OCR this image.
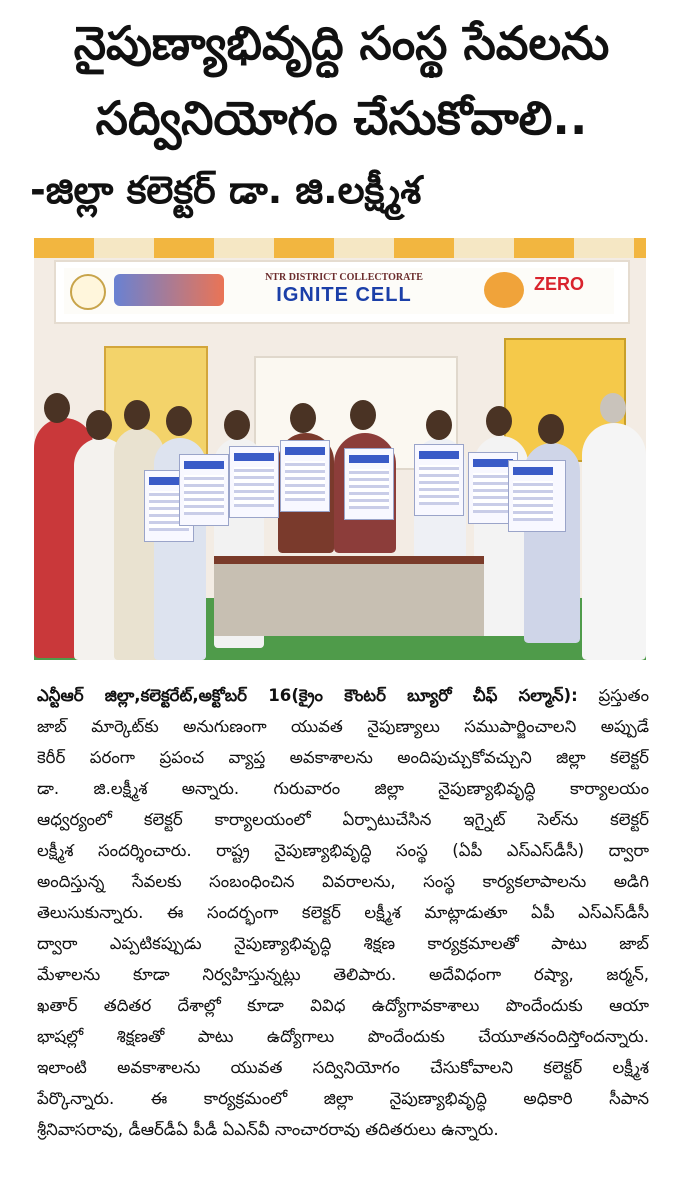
నైపుణ్యాభివృద్ధి సంస్థ సేవలను
సద్వినియోగం చేసుకోవాలి..
-జిల్లా కలెక్టర్ డా. జి.లక్ష్మీశ
NTR DISTRICT COLLECTORATE
IGNITE CELL	ZERO
ఎన్టీఆర్ జిల్లా,కలెక్టరేట్,అక్టోబర్ 16(క్రైం కౌంటర్ బ్యూరో చీఫ్ సల్మాన్): ప్రస్తుతం
జాబ్ మార్కెట్‌కు అనుగుణంగా యువత నైపుణ్యాలు సముపార్జించాలని అప్పుడే
కెరీర్ పరంగా ప్రపంచ వ్యాప్త అవకాశాలను అందిపుచ్చుకోవచ్చుని జిల్లా కలెక్టర్
డా. జి.లక్ష్మీశ అన్నారు. గురువారం జిల్లా నైపుణ్యాభివృద్ధి కార్యాలయం
ఆధ్వర్యంలో కలెక్టర్ కార్యాలయంలో ఏర్పాటుచేసిన ఇగ్నైట్ సెల్‌ను కలెక్టర్
లక్ష్మీశ సందర్శించారు. రాష్ట్ర నైపుణ్యాభివృద్ధి సంస్థ (ఏపీ ఎస్ఎస్‌డీసీ) ద్వారా
అందిస్తున్న సేవలకు సంబంధించిన వివరాలను, సంస్థ కార్యకలాపాలను అడిగి
తెలుసుకున్నారు. ఈ సందర్భంగా కలెక్టర్ లక్ష్మీశ మాట్లాడుతూ ఏపీ ఎస్ఎస్‌డీసీ
ద్వారా ఎప్పటికప్పుడు నైపుణ్యాభివృద్ధి శిక్షణ కార్యక్రమాలతో పాటు జాబ్
మేళాలను కూడా నిర్వహిస్తున్నట్లు తెలిపారు. అదేవిధంగా రష్యా, జర్మన్,
ఖతార్ తదితర దేశాల్లో కూడా వివిధ ఉద్యోగావకాశాలు పొందేందుకు ఆయా
భాషల్లో శిక్షణతో పాటు ఉద్యోగాలు పొందేందుకు చేయూతనందిస్తోందన్నారు.
ఇలాంటి అవకాశాలను యువత సద్వినియోగం చేసుకోవాలని కలెక్టర్ లక్ష్మీశ
పేర్కొన్నారు. ఈ కార్యక్రమంలో జిల్లా నైపుణ్యాభివృద్ధి అధికారి సీపాన
శ్రీనివాసరావు, డీఆర్‌డీఏ పీడీ ఏఎన్‌వీ నాంచారరావు తదితరులు ఉన్నారు.
